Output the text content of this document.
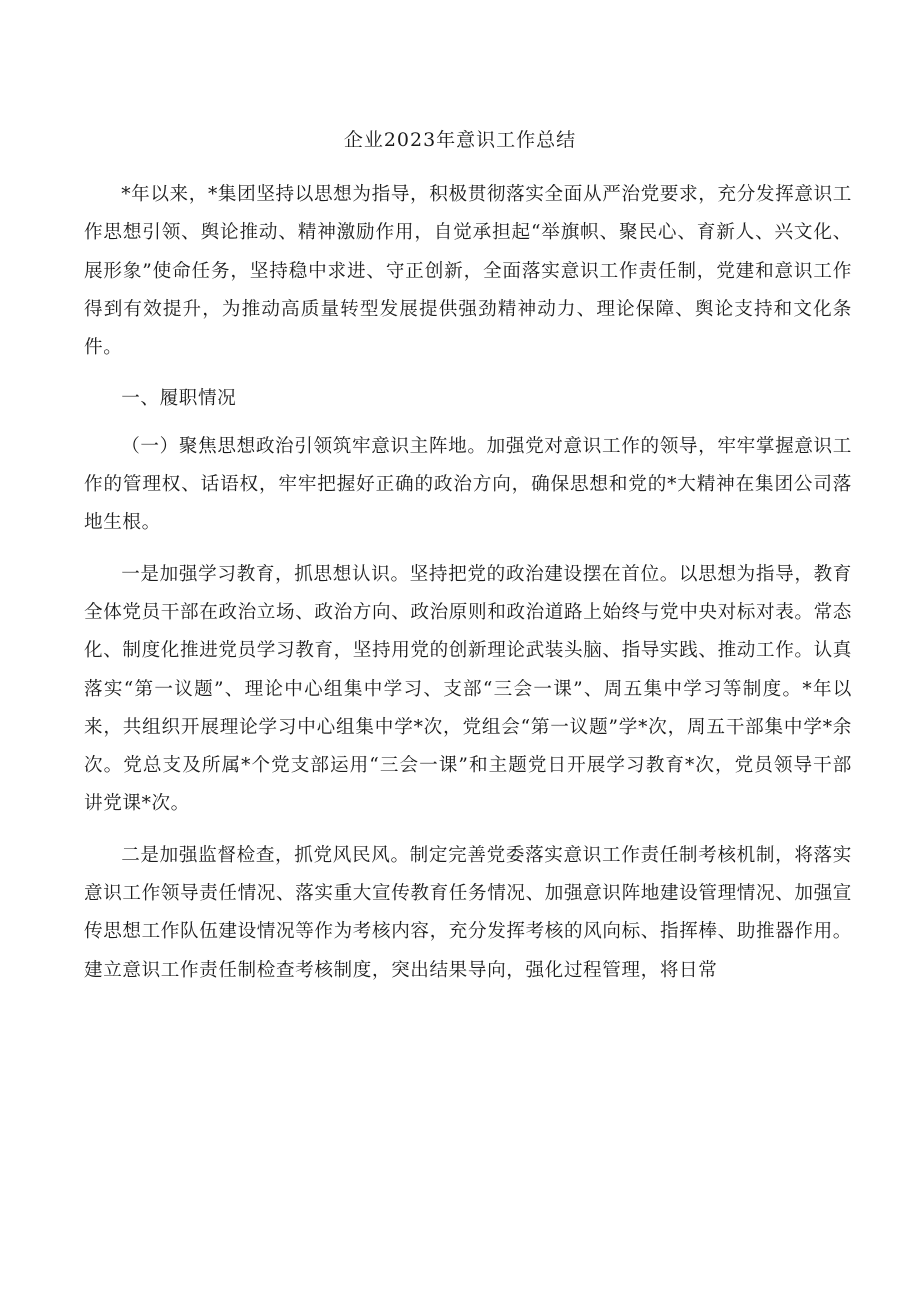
企业2023年意识工作总结

*年以来，*集团坚持以思想为指导，积极贯彻落实全面从严治党要求，充分发挥意识工作思想引领、舆论推动、精神激励作用，自觉承担起“举旗帜、聚民心、育新人、兴文化、展形象”使命任务，坚持稳中求进、守正创新，全面落实意识工作责任制，党建和意识工作得到有效提升，为推动高质量转型发展提供强劲精神动力、理论保障、舆论支持和文化条件。

一、履职情况

（一）聚焦思想政治引领筑牢意识主阵地。加强党对意识工作的领导，牢牢掌握意识工作的管理权、话语权，牢牢把握好正确的政治方向，确保思想和党的*大精神在集团公司落地生根。

一是加强学习教育，抓思想认识。坚持把党的政治建设摆在首位。以思想为指导，教育全体党员干部在政治立场、政治方向、政治原则和政治道路上始终与党中央对标对表。常态化、制度化推进党员学习教育，坚持用党的创新理论武装头脑、指导实践、推动工作。认真落实“第一议题”、理论中心组集中学习、支部“三会一课”、周五集中学习等制度。*年以来，共组织开展理论学习中心组集中学*次，党组会“第一议题”学*次，周五干部集中学*余次。党总支及所属*个党支部运用“三会一课”和主题党日开展学习教育*次，党员领导干部讲党课*次。

二是加强监督检查，抓党风民风。制定完善党委落实意识工作责任制考核机制，将落实意识工作领导责任情况、落实重大宣传教育任务情况、加强意识阵地建设管理情况、加强宣传思想工作队伍建设情况等作为考核内容，充分发挥考核的风向标、指挥棒、助推器作用。建立意识工作责任制检查考核制度，突出结果导向，强化过程管理，将日常
